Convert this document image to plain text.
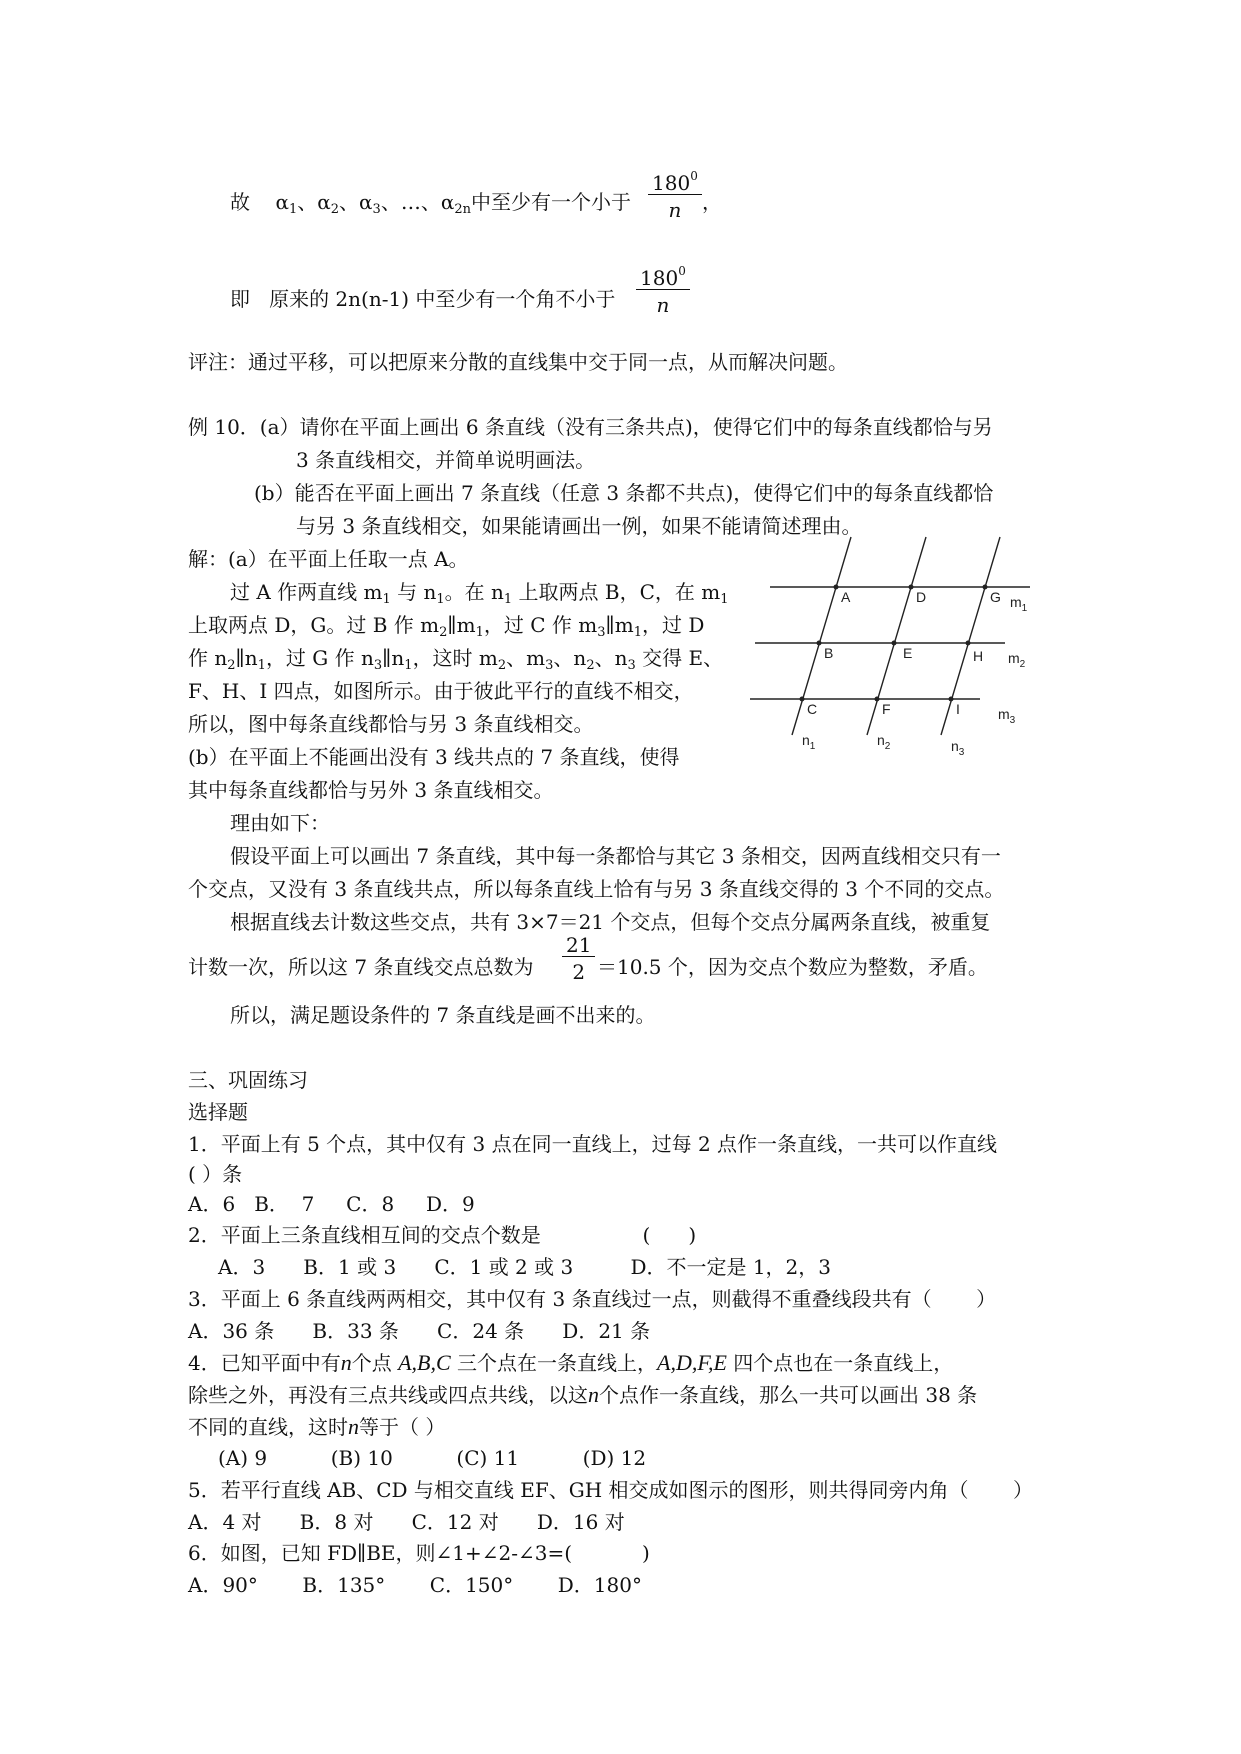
故 $\alpha_1$、$\alpha_2$、$\alpha_3$、…、$\alpha_{2n}$中至少有一个小于 $\frac{180^0}{n}$ ，
即 原来的 2n(n-1) 中至少有一个角不小于 $\frac{180^0}{n}$
评注：通过平移，可以把原来分散的直线集中交于同一点，从而解决问题。
例 10．(a）请你在平面上画出 6 条直线（没有三条共点)，使得它们中的每条直线都恰与另
3 条直线相交，并简单说明画法。
(b）能否在平面上画出 7 条直线（任意 3 条都不共点)，使得它们中的每条直线都恰
与另 3 条直线相交，如果能请画出一例，如果不能请简述理由。
解：(a）在平面上任取一点 A。
过 A 作两直线 $m_1$ 与 $n_1$。在 $n_1$ 上取两点 B，C，在 $m_1$
上取两点 D，G。过 B 作 $m_2\parallel m_1$，过 C 作 $m_3\parallel m_1$，过 D
作 $n_2\parallel n_1$，过 G 作 $n_3\parallel n_1$，这时 $m_2$、$m_3$、$n_2$、$n_3$ 交得 E、
F、H、I 四点，如图所示。由于彼此平行的直线不相交，
所以，图中每条直线都恰与另 3 条直线相交。
(b）在平面上不能画出没有 3 线共点的 7 条直线，使得
其中每条直线都恰与另外 3 条直线相交。
理由如下：
假设平面上可以画出 7 条直线，其中每一条都恰与其它 3 条相交，因两直线相交只有一
个交点，又没有 3 条直线共点，所以每条直线上恰有与另 3 条直线交得的 3 个不同的交点。
根据直线去计数这些交点，共有 3×7＝21 个交点，但每个交点分属两条直线，被重复
计数一次，所以这 7 条直线交点总数为 $\frac{21}{2} =10.5$ 个，因为交点个数应为整数，矛盾。
所以，满足题设条件的 7 条直线是画不出来的。
A	D	G
B	E	H
C	F	I
$m_1$
$m_2$
$m_3$
$n_1$	$n_2$	$n_3$
三、巩固练习
选择题
1．平面上有 5 个点，其中仅有 3 点在同一直线上，过每 2 点作一条直线，一共可以作直线
( ）条
A．6   B．  7     C．8     D．9
2．平面上三条直线相互间的交点个数是                (      )
A．3      B．1 或 3      C．1 或 2 或 3         D．不一定是 1，2，3
3．平面上 6 条直线两两相交，其中仅有 3 条直线过一点，则截得不重叠线段共有（       ）
A．36 条      B．33 条      C．24 条      D．21 条
4．已知平面中有n个点 A,B,C 三个点在一条直线上，A,D,F,E 四个点也在一条直线上，
除些之外，再没有三点共线或四点共线，以这n个点作一条直线，那么一共可以画出 38 条
不同的直线，这时n等于（ ）
(A) 9          (B) 10          (C) 11          (D) 12
5．若平行直线 AB、CD 与相交直线 EF、GH 相交成如图示的图形，则共得同旁内角（       ）
A．4 对      B．8 对      C．12 对      D．16 对
6．如图，已知 FD∥BE，则∠1+∠2-∠3=(           )
A．90°       B．135°       C．150°       D．180°
